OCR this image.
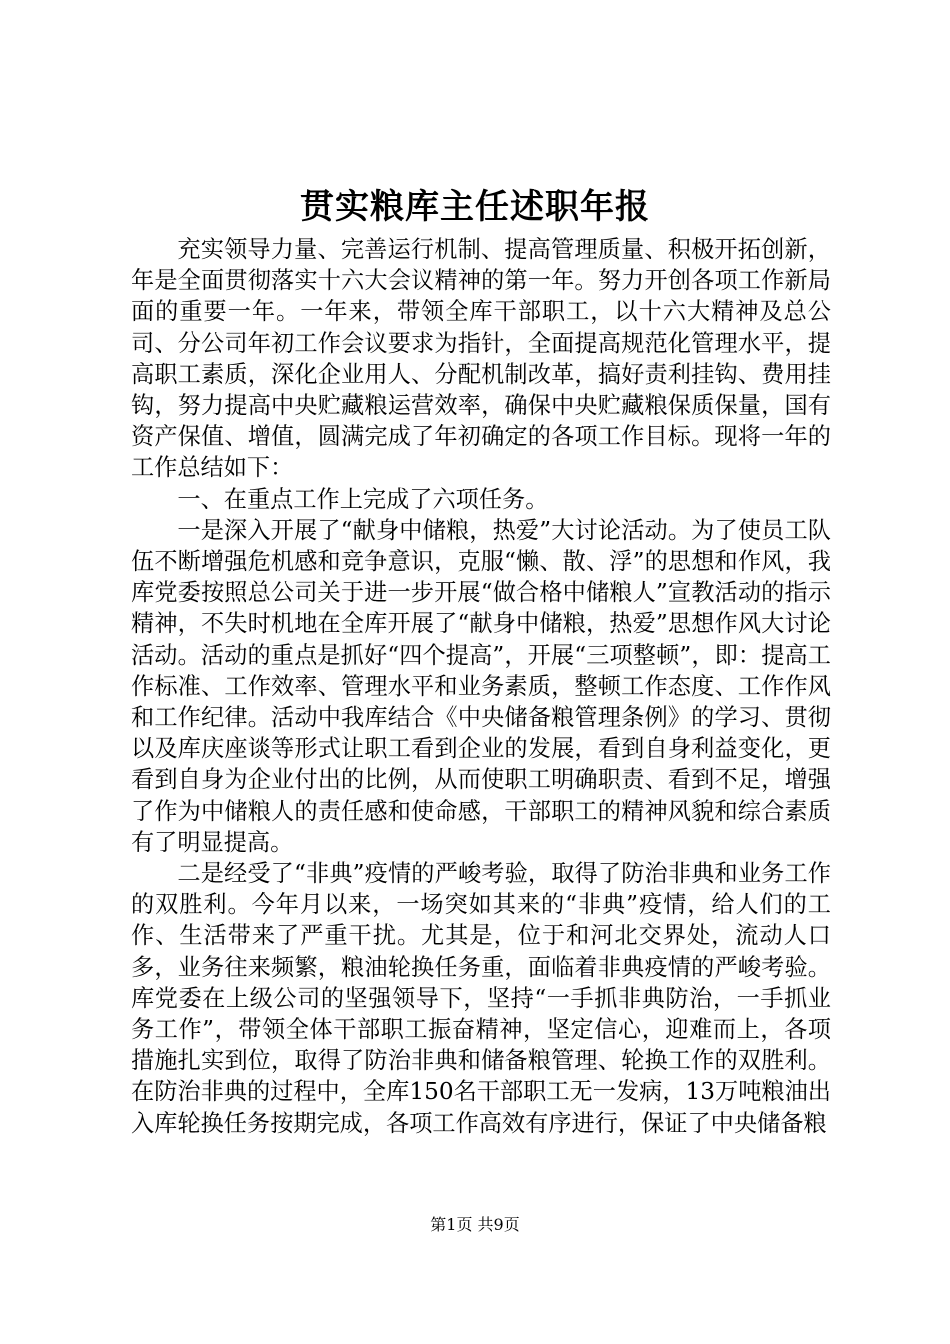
贯实粮库主任述职年报

充实领导力量、完善运行机制、提高管理质量、积极开拓创新，年是全面贯彻落实十六大会议精神的第一年。努力开创各项工作新局面的重要一年。一年来，带领全库干部职工，以十六大精神及总公司、分公司年初工作会议要求为指针，全面提高规范化管理水平，提高职工素质，深化企业用人、分配机制改革，搞好责利挂钩、费用挂钩，努力提高中央贮藏粮运营效率，确保中央贮藏粮保质保量，国有资产保值、增值，圆满完成了年初确定的各项工作目标。现将一年的工作总结如下：

一、在重点工作上完成了六项任务。

一是深入开展了“献身中储粮，热爱”大讨论活动。为了使员工队伍不断增强危机感和竞争意识，克服“懒、散、浮”的思想和作风，我库党委按照总公司关于进一步开展“做合格中储粮人”宣教活动的指示精神，不失时机地在全库开展了“献身中储粮，热爱”思想作风大讨论活动。活动的重点是抓好“四个提高”，开展“三项整顿”，即：提高工作标准、工作效率、管理水平和业务素质，整顿工作态度、工作作风和工作纪律。活动中我库结合《中央储备粮管理条例》的学习、贯彻以及库庆座谈等形式让职工看到企业的发展，看到自身利益变化，更看到自身为企业付出的比例，从而使职工明确职责、看到不足，增强了作为中储粮人的责任感和使命感，干部职工的精神风貌和综合素质有了明显提高。

二是经受了“非典”疫情的严峻考验，取得了防治非典和业务工作的双胜利。今年月以来，一场突如其来的“非典”疫情，给人们的工作、生活带来了严重干扰。尤其是，位于和河北交界处，流动人口多，业务往来频繁，粮油轮换任务重，面临着非典疫情的严峻考验。库党委在上级公司的坚强领导下，坚持“一手抓非典防治，一手抓业务工作”，带领全体干部职工振奋精神，坚定信心，迎难而上，各项措施扎实到位，取得了防治非典和储备粮管理、轮换工作的双胜利。在防治非典的过程中，全库150名干部职工无一发病，13万吨粮油出入库轮换任务按期完成，各项工作高效有序进行，保证了中央储备粮

第1页 共9页
